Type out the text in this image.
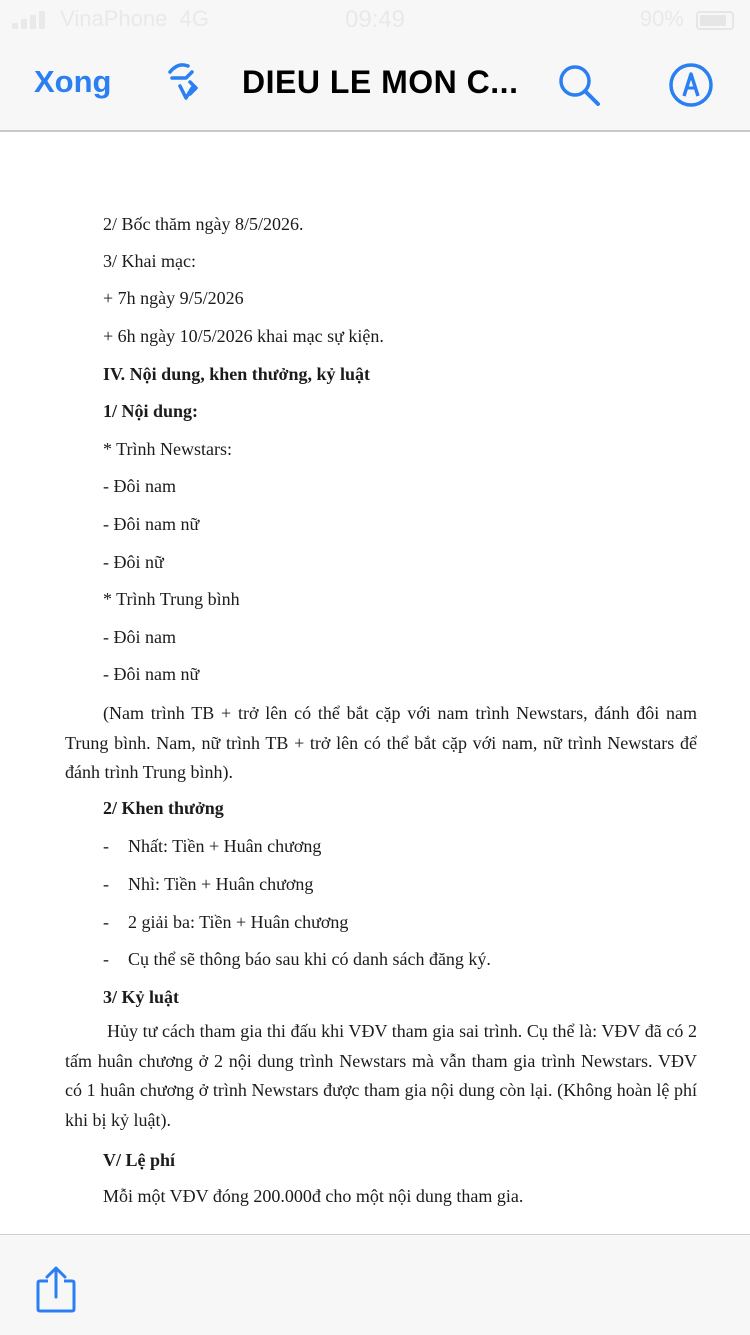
VinaPhone 4G	09:49	90%
Xong	DIEU LE MON C...
2/ Bốc thăm ngày 8/5/2026.
3/ Khai mạc:
+ 7h ngày 9/5/2026
+ 6h ngày 10/5/2026 khai mạc sự kiện.
IV. Nội dung, khen thưởng, kỷ luật
1/ Nội dung:
* Trình Newstars:
- Đôi nam
- Đôi nam nữ
- Đôi nữ
* Trình Trung bình
- Đôi nam
- Đôi nam nữ
(Nam trình TB + trở lên có thể bắt cặp với nam trình Newstars, đánh đôi nam Trung bình. Nam, nữ trình TB + trở lên có thể bắt cặp với nam, nữ trình Newstars để đánh trình Trung bình).
2/ Khen thưởng
- Nhất: Tiền + Huân chương
- Nhì: Tiền + Huân chương
- 2 giải ba: Tiền + Huân chương
- Cụ thể sẽ thông báo sau khi có danh sách đăng ký.
3/ Kỷ luật
Hủy tư cách tham gia thi đấu khi VĐV tham gia sai trình. Cụ thể là: VĐV đã có 2 tấm huân chương ở 2 nội dung trình Newstars mà vẫn tham gia trình Newstars. VĐV có 1 huân chương ở trình Newstars được tham gia nội dung còn lại. (Không hoàn lệ phí khi bị kỷ luật).
V/ Lệ phí
Mỗi một VĐV đóng 200.000đ cho một nội dung tham gia.
